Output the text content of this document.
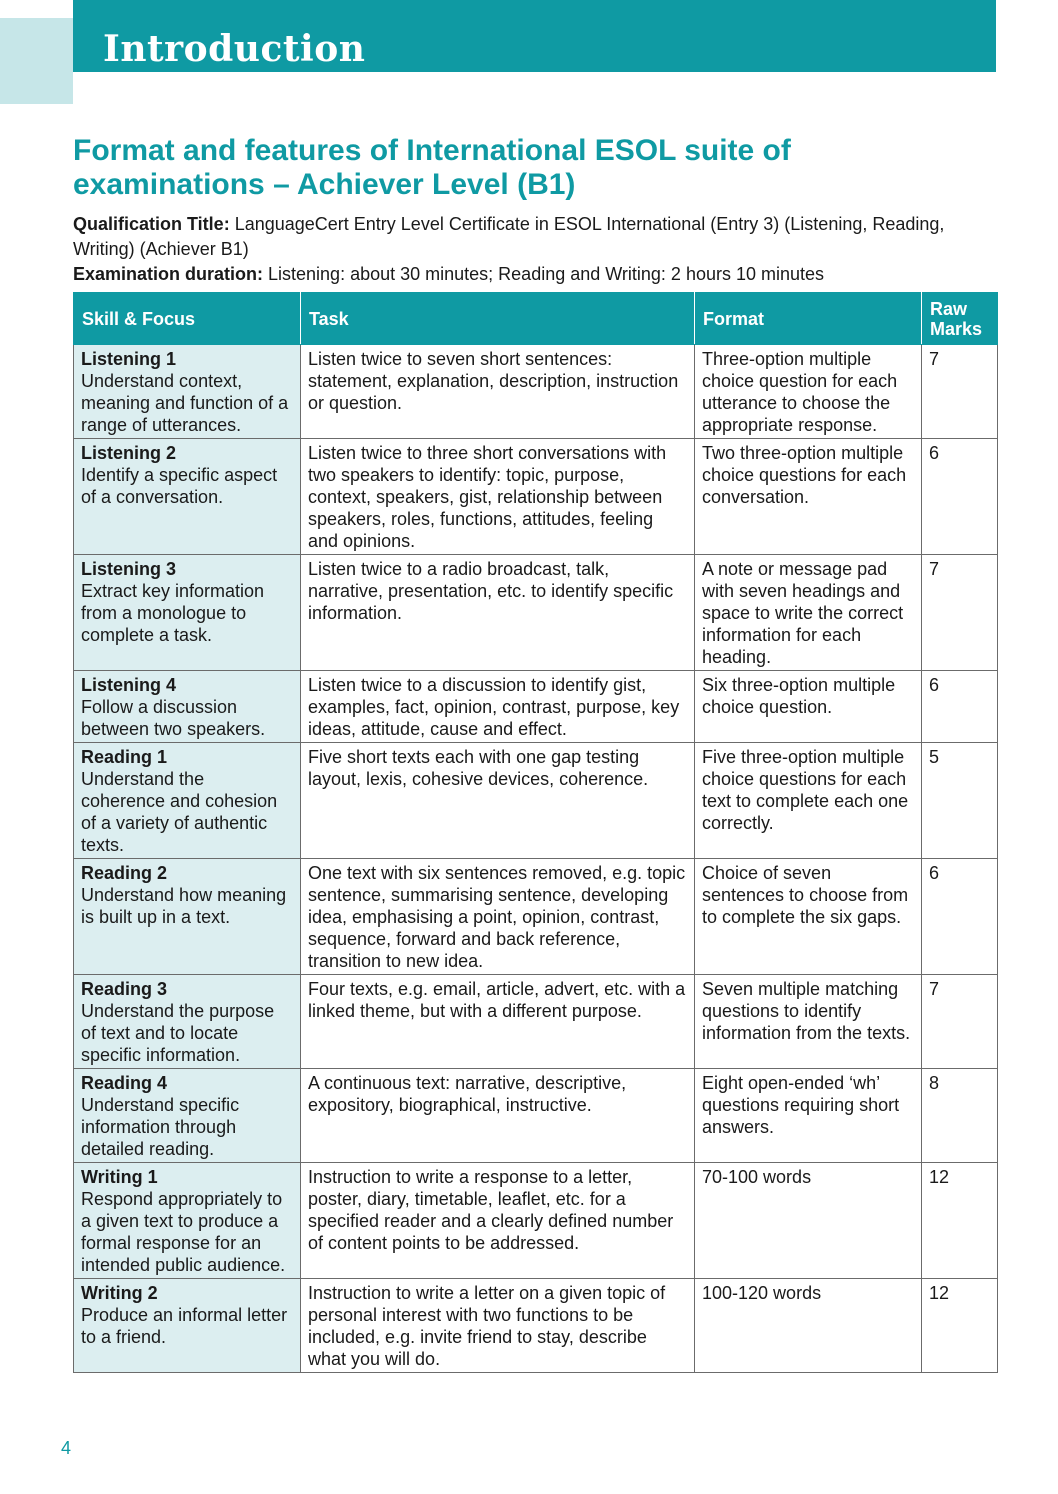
Introduction
Format and features of International ESOL suite of examinations – Achiever Level (B1)

Qualification Title: LanguageCert Entry Level Certificate in ESOL International (Entry 3) (Listening, Reading, Writing) (Achiever B1)

Examination duration: Listening: about 30 minutes; Reading and Writing: 2 hours 10 minutes

Skill & Focus	Task	Format	Raw
Marks

Listening 1
Understand context, meaning and function of a range of utterances.	Listen twice to seven short sentences: statement, explanation, description, instruction or question.	Three-option multiple choice question for each utterance to choose the appropriate response.	7

Listening 2
Identify a specific aspect of a conversation.	Listen twice to three short conversations with two speakers to identify: topic, purpose, context, speakers, gist, relationship between speakers, roles, functions, attitudes, feeling and opinions.	Two three-option multiple choice questions for each conversation.	6

Listening 3
Extract key information from a monologue to complete a task.	Listen twice to a radio broadcast, talk, narrative, presentation, etc. to identify specific information.	A note or message pad with seven headings and space to write the correct information for each heading.	7

Listening 4
Follow a discussion between two speakers.	Listen twice to a discussion to identify gist, examples, fact, opinion, contrast, purpose, key ideas, attitude, cause and effect.	Six three-option multiple choice question.	6

Reading 1
Understand the coherence and cohesion of a variety of authentic texts.	Five short texts each with one gap testing layout, lexis, cohesive devices, coherence.	Five three-option multiple choice questions for each text to complete each one correctly.	5

Reading 2
Understand how meaning is built up in a text.	One text with six sentences removed, e.g. topic sentence, summarising sentence, developing idea, emphasising a point, opinion, contrast, sequence, forward and back reference, transition to new idea.	Choice of seven sentences to choose from to complete the six gaps.	6

Reading 3
Understand the purpose of text and to locate specific information.	Four texts, e.g. email, article, advert, etc. with a linked theme, but with a different purpose.	Seven multiple matching questions to identify information from the texts.	7

Reading 4
Understand specific information through detailed reading.	A continuous text: narrative, descriptive, expository, biographical, instructive.	Eight open-ended ‘wh’ questions requiring short answers.	8

Writing 1
Respond appropriately to a given text to produce a formal response for an intended public audience.	Instruction to write a response to a letter, poster, diary, timetable, leaflet, etc. for a specified reader and a clearly defined number of content points to be addressed.	70-100 words	12

Writing 2
Produce an informal letter to a friend.	Instruction to write a letter on a given topic of personal interest with two functions to be included, e.g. invite friend to stay, describe what you will do.	100-120 words	12
4
